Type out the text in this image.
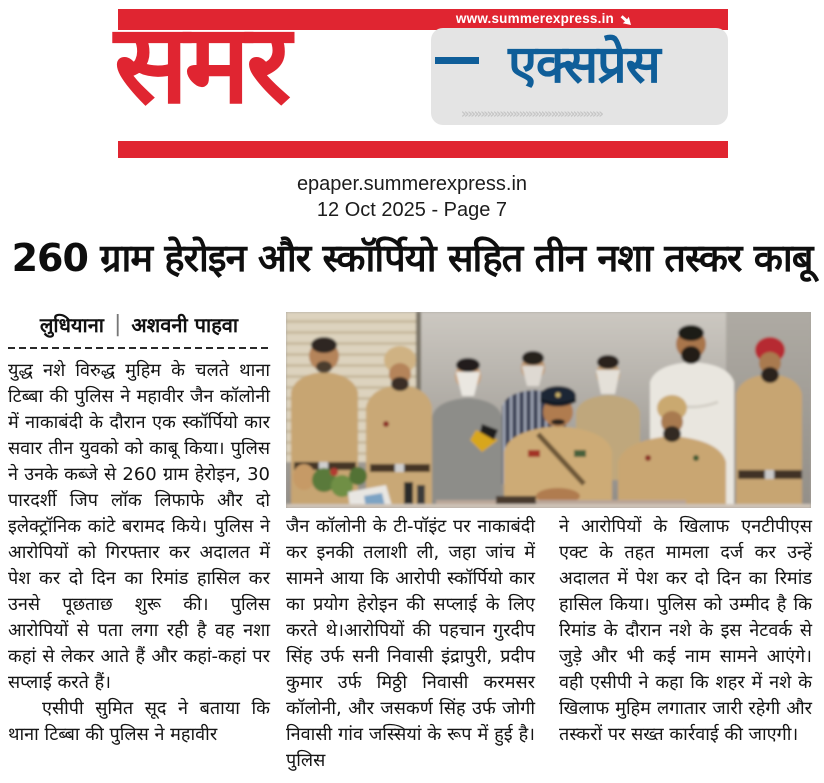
www.summerexpress.in
एक्सप्रेस
»»»»»»»»»»»»»»»»»»»»»»
समर
epaper.summerexpress.in
12 Oct 2025 - Page 7
260 ग्राम हेरोइन और स्कॉर्पियो सहित तीन नशा तस्कर काबू
लुधियाना | अशवनी पाहवा

युद्ध नशे विरुद्ध मुहिम के चलते थाना टिब्बा की पुलिस ने महावीर जैन कॉलोनी में नाकाबंदी के दौरान एक स्कॉर्पियो कार सवार तीन युवको को काबू किया। पुलिस ने उनके कब्जे से 260 ग्राम हेरोइन, 30 पारदर्शी जिप लॉक लिफाफे और दो इलेक्ट्रॉनिक कांटे बरामद किये। पुलिस ने आरोपियों को गिरफ्तार कर अदालत में पेश कर दो दिन का रिमांड हासिल कर उनसे पूछताछ शुरू की। पुलिस आरोपियों से पता लगा रही है वह नशा कहां से लेकर आते हैं और कहां-कहां पर सप्लाई करते हैं।

एसीपी सुमित सूद ने बताया कि थाना टिब्बा की पुलिस ने महावीर

जैन कॉलोनी के टी-पॉइंट पर नाकाबंदी कर इनकी तलाशी ली, जहा जांच में सामने आया कि आरोपी स्कॉर्पियो कार का प्रयोग हेरोइन की सप्लाई के लिए करते थे।आरोपियों की पहचान गुरदीप सिंह उर्फ सनी निवासी इंद्रापुरी, प्रदीप कुमार उर्फ मिठ्ठी निवासी करमसर कॉलोनी, और जसकर्ण सिंह उर्फ जोगी निवासी गांव जस्सियां के रूप में हुई है। पुलिस

ने आरोपियों के खिलाफ एनटीपीएस एक्ट के तहत मामला दर्ज कर उन्हें अदालत में पेश कर दो दिन का रिमांड हासिल किया। पुलिस को उम्मीद है कि रिमांड के दौरान नशे के इस नेटवर्क से जुड़े और भी कई नाम सामने आएंगे। वही एसीपी ने कहा कि शहर में नशे के खिलाफ मुहिम लगातार जारी रहेगी और तस्करों पर सख्त कार्रवाई की जाएगी।
